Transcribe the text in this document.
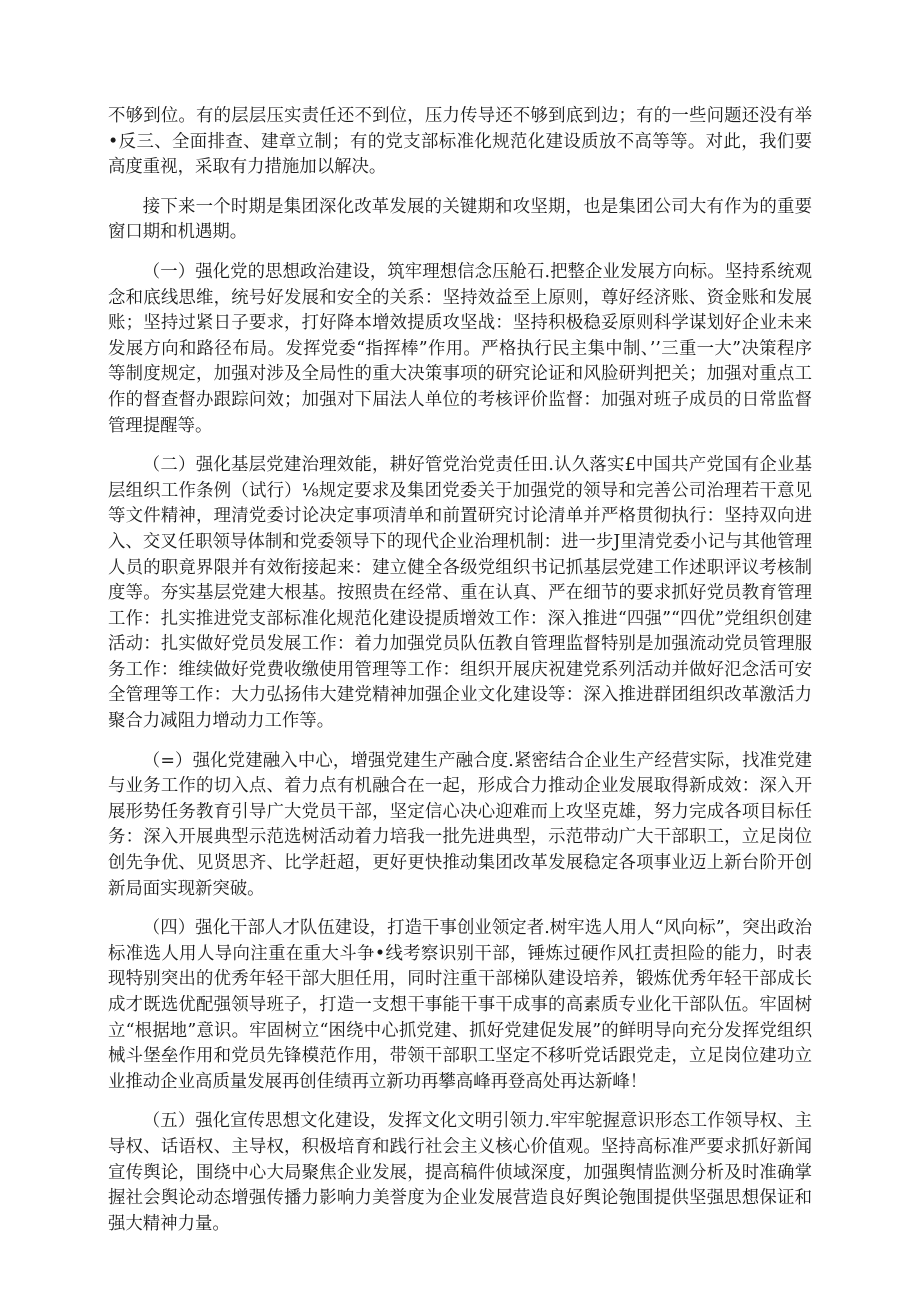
不够到位。有的层层压实责任还不到位，压力传导还不够到底到边；有的一些问题还没有举•反三、全面排查、建章立制；有的党支部标准化规范化建设质放不高等等。对此，我们要高度重视，采取有力措施加以解决。

接下来一个时期是集团深化改革发展的关键期和攻坚期，也是集团公司大有作为的重要窗口期和机遇期。

（一）强化党的思想政治建设，筑牢理想信念压舱石.把整企业发展方向标。坚持系统观念和底线思维，统号好发展和安全的关系：坚持效益至上原则，尊好经济账、资金账和发展账；坚持过紧日子要求，打好降本增效提质攻坚战：坚持积极稳妥原则科学谋划好企业未来发展方向和路径布局。发挥党委“指挥棒”作用。严格执行民主集中制、’’三重一大”决策程序等制度规定，加强对涉及全局性的重大决策事项的研究论证和风脸研判把关；加强对重点工作的督查督办跟踪问效；加强对下届法人单位的考核评价监督：加强对班子成员的日常监督管理提醒等。

（二）强化基层党建治理效能，耕好管党治党责任田.认久落实£中国共产党国有企业基层组织工作条例（试行）⅛规定要求及集团党委关于加强党的领导和完善公司治理若干意见等文件精神，理清党委讨论决定事项清单和前置研究讨论清单并严格贯彻执行：坚持双向进入、交叉任职领导体制和党委领导下的现代企业治理机制：进一步J里清党委小记与其他管理人员的职竟界限并有效衔接起来：建立健全各级党组织书记抓基层党建工作述职评议考核制度等。夯实基层党建大根基。按照贵在经常、重在认真、严在细节的要求抓好党员教育管理工作：扎实推进党支部标准化规范化建设提质增效工作：深入推进“四强”“四优”党组织创建活动：扎实做好党员发展工作：着力加强党员队伍教自管理监督特别是加强流动党员管理服务工作：维续做好党费收缴使用管理等工作：组织开展庆祝建党系列活动并做好氾念活可安全管理等工作：大力弘扬伟大建党精神加强企业文化建设等：深入推进群团组织改革激活力聚合力减阻力增动力工作等。

（=）强化党建融入中心，增强党建生产融合度.紧密结合企业生产经营实际，找准党建与业务工作的切入点、着力点有机融合在一起，形成合力推动企业发展取得新成效：深入开展形势任务教育引导广大党员干部，坚定信心决心迎难而上攻坚克雄，努力完成各项目标任务：深入开展典型示范选树活动着力培我一批先进典型，示范带动广大干部职工，立足岗位创先争优、见贤思齐、比学赶超，更好更快推动集团改革发展稳定各项事业迈上新台阶开创新局面实现新突破。

（四）强化干部人才队伍建设，打造干事创业领定者.树牢选人用人“风向标”，突出政治标准选人用人导向注重在重大斗争•线考察识别干部，锤炼过硬作风扛责担险的能力，时表现特别突出的优秀年轻干部大胆任用，同时注重干部梯队建设培养，锻炼优秀年轻干部成长成才既选优配强领导班子，打造一支想干事能干事干成事的高素质专业化干部队伍。牢固树立“根据地”意识。牢固树立“困绕中心抓党建、抓好党建促发展”的鲜明导向充分发挥党组织械斗堡垒作用和党员先锋模范作用，带领干部职工坚定不移听党话跟党走，立足岗位建功立业推动企业高质量发展再创佳绩再立新功再攀高峰再登高处再达新峰！

（五）强化宣传思想文化建设，发挥文化文明引领力.牢牢鸵握意识形态工作领导权、主导权、话语权、主导权，积极培育和践行社会主义核心价值观。坚持高标准严要求抓好新闻宣传舆论，围绕中心大局聚焦企业发展，提高稿件侦域深度，加强舆情监测分析及时准确掌握社会舆论动态增强传播力影响力美誉度为企业发展营造良好舆论匏围提供坚强思想保证和强大精神力量。
